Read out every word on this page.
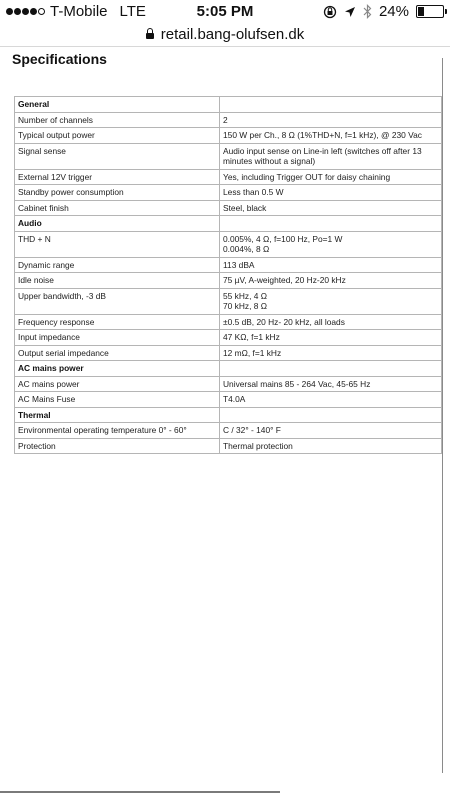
T-Mobile LTE	5:05 PM	24%
retail.bang-olufsen.dk
Specifications
General	
Number of channels	2
Typical output power	150 W per Ch., 8 Ω (1%THD+N, f=1 kHz), @ 230 Vac
Signal sense	Audio input sense on Line-in left (switches off after 13 minutes without a signal)
External 12V trigger	Yes, including Trigger OUT for daisy chaining
Standby power consumption	Less than 0.5 W
Cabinet finish	Steel, black
Audio	
THD + N	0.005%, 4 Ω, f=100 Hz, Po=1 W
0.004%, 8 Ω
Dynamic range	113 dBA
Idle noise	75 µV, A-weighted, 20 Hz-20 kHz
Upper bandwidth, -3 dB	55 kHz, 4 Ω
70 kHz, 8 Ω
Frequency response	±0.5 dB, 20 Hz- 20 kHz, all loads
Input impedance	47 KΩ, f=1 kHz
Output serial impedance	12 mΩ, f=1 kHz
AC mains power	
AC mains power	Universal mains 85 - 264 Vac, 45-65 Hz
AC Mains Fuse	T4.0A
Thermal	
Environmental operating temperature 0° - 60°	C / 32° - 140° F
Protection	Thermal protection
